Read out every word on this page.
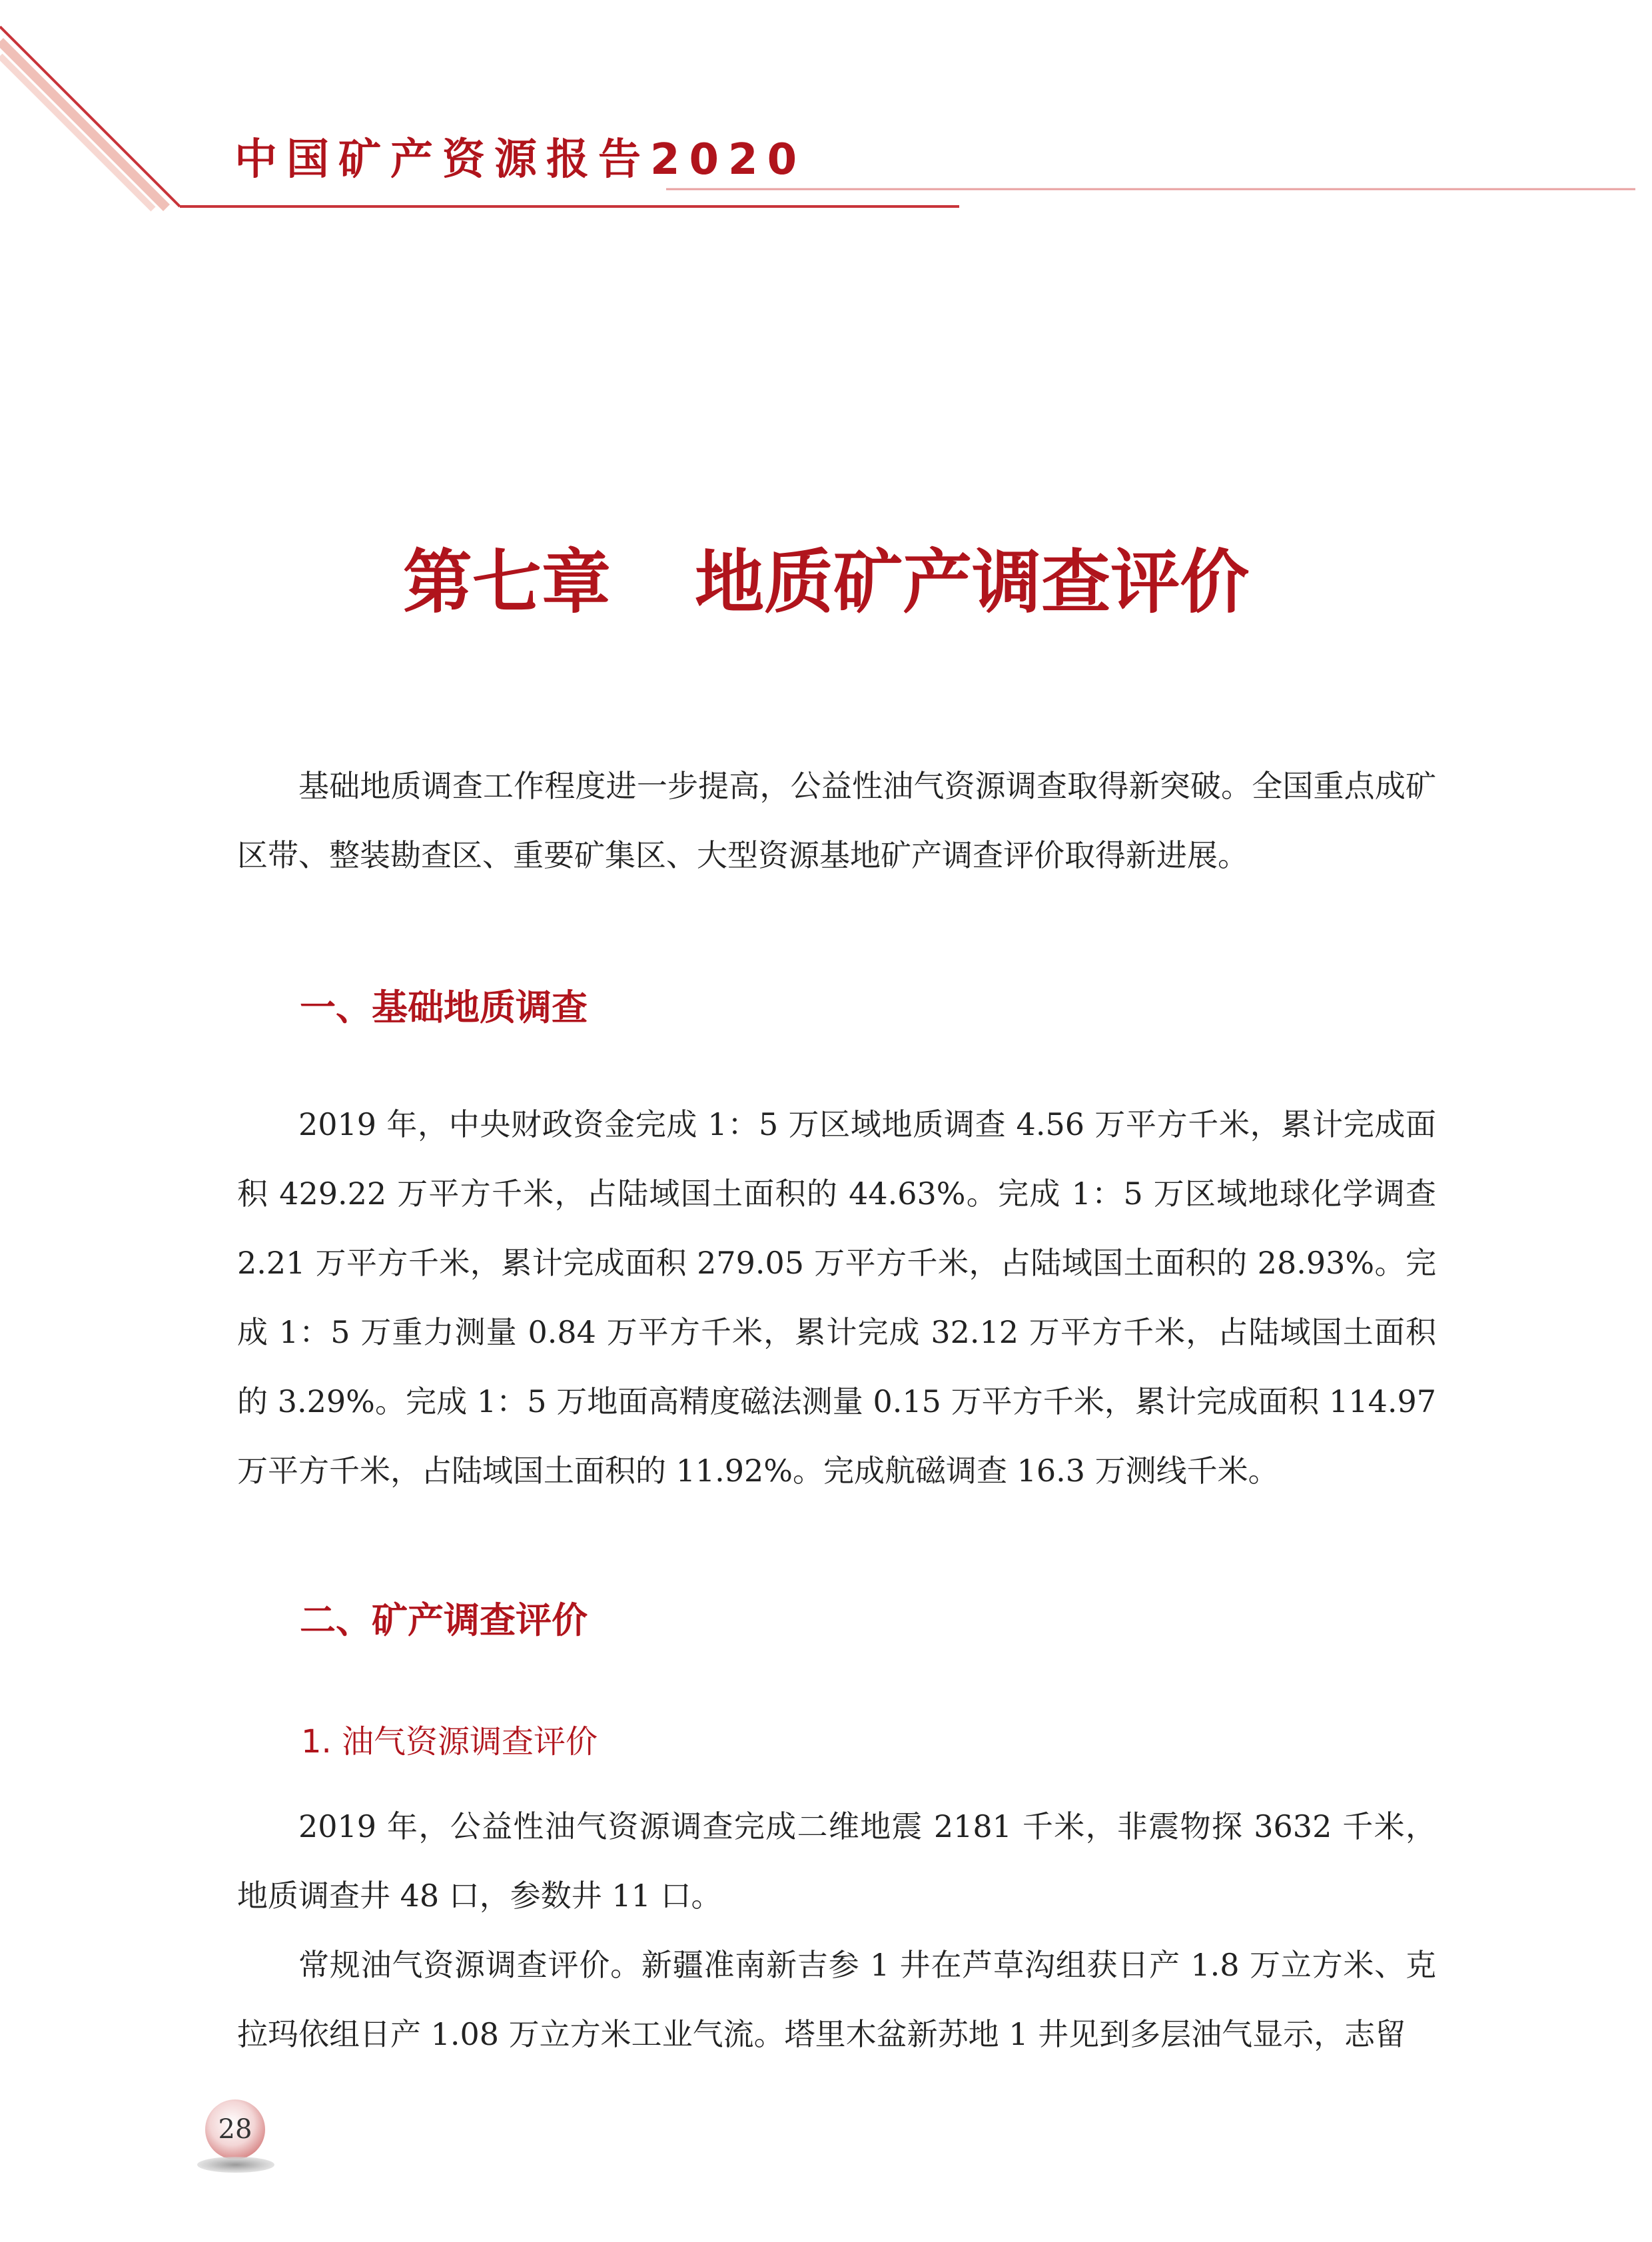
中国矿产资源报告2020
第七章 地质矿产调查评价

基础地质调查工作程度进一步提高，公益性油气资源调查取得新突破。全国重点成矿区带、整装勘查区、重要矿集区、大型资源基地矿产调查评价取得新进展。

一、基础地质调查

2019 年，中央财政资金完成 1：5 万区域地质调查 4.56 万平方千米，累计完成面积 429.22 万平方千米，占陆域国土面积的 44.63%。完成 1：5 万区域地球化学调查 2.21 万平方千米，累计完成面积 279.05 万平方千米，占陆域国土面积的 28.93%。完成 1：5 万重力测量 0.84 万平方千米，累计完成 32.12 万平方千米，占陆域国土面积的 3.29%。完成 1：5 万地面高精度磁法测量 0.15 万平方千米，累计完成面积 114.97 万平方千米，占陆域国土面积的 11.92%。完成航磁调查 16.3 万测线千米。

二、矿产调查评价
1. 油气资源调查评价

2019 年，公益性油气资源调查完成二维地震 2181 千米，非震物探 3632 千米，地质调查井 48 口，参数井 11 口。

常规油气资源调查评价。新疆准南新吉参 1 井在芦草沟组获日产 1.8 万立方米、克拉玛依组日产 1.08 万立方米工业气流。塔里木盆新苏地 1 井见到多层油气显示，志留

28
